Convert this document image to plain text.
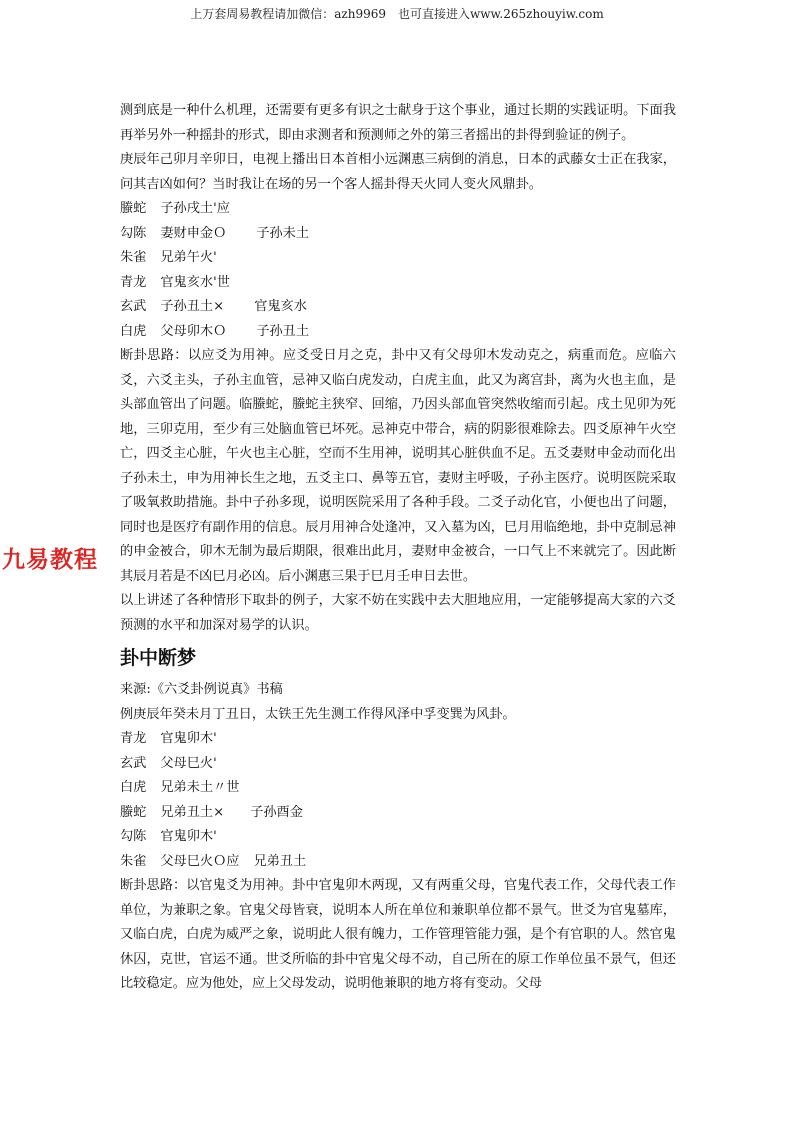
上万套周易教程请加微信：azh9969　也可直接进入www.265zhouyiw.com
九易教程

测到底是一种什么机理，还需要有更多有识之士献身于这个事业，通过长期的实践证明。下面我再举另外一种摇卦的形式，即由求测者和预测师之外的第三者摇出的卦得到验证的例子。

庚辰年己卯月辛卯日，电视上播出日本首相小远渊惠三病倒的消息，日本的武藤女士正在我家，问其吉凶如何？当时我让在场的另一个客人摇卦得天火同人变火风鼎卦。

螣蛇 子孙戌土'应
勾陈 妻财申金Ｏ 子孙未土
朱雀 兄弟午火'
青龙 官鬼亥水'世
玄武 子孙丑土× 官鬼亥水
白虎 父母卯木Ｏ 子孙丑土

断卦思路：以应爻为用神。应爻受日月之克，卦中又有父母卯木发动克之，病重而危。应临六爻，六爻主头，子孙主血管，忌神又临白虎发动，白虎主血，此又为离宫卦，离为火也主血，是头部血管出了问题。临螣蛇，螣蛇主狭窄、回缩，乃因头部血管突然收缩而引起。戌土见卯为死地，三卯克用，至少有三处脑血管已坏死。忌神克中带合，病的阴影很难除去。四爻原神午火空亡，四爻主心脏，午火也主心脏，空而不生用神，说明其心脏供血不足。五爻妻财申金动而化出子孙未土，申为用神长生之地，五爻主口、鼻等五官，妻财主呼吸，子孙主医疗。说明医院采取了吸氧救助措施。卦中子孙多现，说明医院采用了各种手段。二爻子动化官，小便也出了问题，同时也是医疗有副作用的信息。辰月用神合处逢冲，又入墓为凶，巳月用临绝地，卦中克制忌神的申金被合，卯木无制为最后期限，很难出此月，妻财申金被合，一口气上不来就完了。因此断其辰月若是不凶巳月必凶。后小渊惠三果于巳月壬申日去世。

以上讲述了各种情形下取卦的例子，大家不妨在实践中去大胆地应用，一定能够提高大家的六爻预测的水平和加深对易学的认识。

卦中断梦

来源:《六爻卦例说真》书稿

例庚辰年癸未月丁丑日，太铁王先生测工作得风泽中孚变巽为风卦。

青龙 官鬼卯木'
玄武 父母巳火'
白虎 兄弟未土〃世
螣蛇 兄弟丑土× 子孙酉金
勾陈 官鬼卯木'
朱雀 父母巳火Ｏ应 兄弟丑土

断卦思路：以官鬼爻为用神。卦中官鬼卯木两现，又有两重父母，官鬼代表工作，父母代表工作单位，为兼职之象。官鬼父母皆衰，说明本人所在单位和兼职单位都不景气。世爻为官鬼墓库，又临白虎，白虎为威严之象，说明此人很有魄力，工作管理管能力强，是个有官职的人。然官鬼休囚，克世，官运不通。世爻所临的卦中官鬼父母不动，自己所在的原工作单位虽不景气，但还比较稳定。应为他处，应上父母发动，说明他兼职的地方将有变动。父母
